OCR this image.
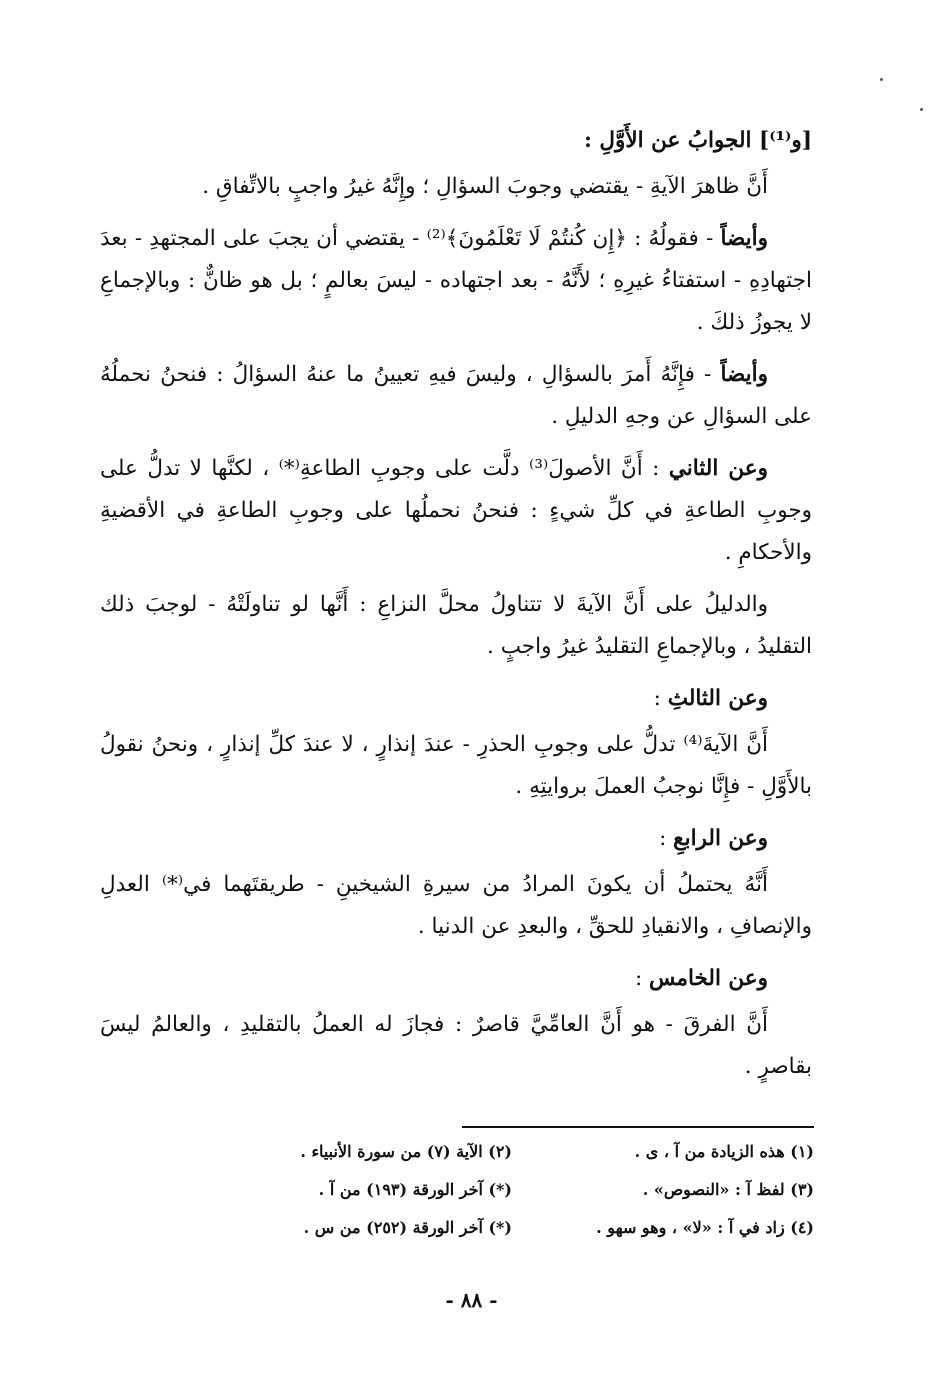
[و⁽¹⁾] الجوابُ عن الأَوَّلِ :

أَنَّ ظاهرَ الآيةِ - يقتضي وجوبَ السؤالِ ؛ وإِنَّهُ غيرُ واجبٍ بالاتِّفاقِ .

وأيضاً - فقولُهُ : ﴿إِن كُنتُمْ لَا تَعْلَمُونَ﴾⁽²⁾ - يقتضي أن يجبَ على المجتهدِ - بعدَ اجتهادِهِ - استفتاءُ غيرِهِ ؛ لأَنَّهُ - بعد اجتهاده - ليسَ بعالمٍ ؛ بل هو ظانٌّ : وبالإجماعِ لا يجوزُ ذلكَ .

وأيضاً - فإِنَّهُ أَمرَ بالسؤالِ ، وليسَ فيهِ تعيينُ ما عنهُ السؤالُ : فنحنُ نحملُهُ على السؤالِ عن وجهِ الدليلِ .

وعن الثاني : أَنَّ الأصولَ⁽³⁾ دلَّت على وجوبِ الطاعةِ⁽*⁾ ، لكنَّها لا تدلُّ على وجوبِ الطاعةِ في كلِّ شيءٍ : فنحنُ نحملُها على وجوبِ الطاعةِ في الأقضيةِ والأحكامِ .

والدليلُ على أَنَّ الآيةَ لا تتناولُ محلَّ النزاعِ : أَنَّها لو تناولَتْهُ - لوجبَ ذلك التقليدُ ، وبالإجماعِ التقليدُ غيرُ واجبٍ .

وعن الثالثِ :

أَنَّ الآيةَ⁽⁴⁾ تدلُّ على وجوبِ الحذرِ - عندَ إنذارٍ ، لا عندَ كلِّ إنذارٍ ، ونحنُ نقولُ بالأَوَّلِ - فإِنَّا نوجبُ العملَ بروايتِهِ .

وعن الرابعِ :

أَنَّهُ يحتملُ أن يكونَ المرادُ من سيرةِ الشيخينِ - طريقتَهما في⁽*⁾ العدلِ والإنصافِ ، والانقيادِ للحقِّ ، والبعدِ عن الدنيا .

وعن الخامس :

أَنَّ الفرقَ - هو أَنَّ العامِّيَّ قاصرٌ : فجازَ له العملُ بالتقليدِ ، والعالمُ ليسَ بقاصرٍ .

(١) هذه الزيادة من آ ، ى .
(٢) الآية (٧) من سورة الأنبياء .
(٣) لفظ آ : «النصوص» .
(*) آخر الورقة (١٩٣) من آ .
(٤) زاد في آ : «لا» ، وهو سهو .
(*) آخر الورقة (٢٥٢) من س .
- ٨٨ -
